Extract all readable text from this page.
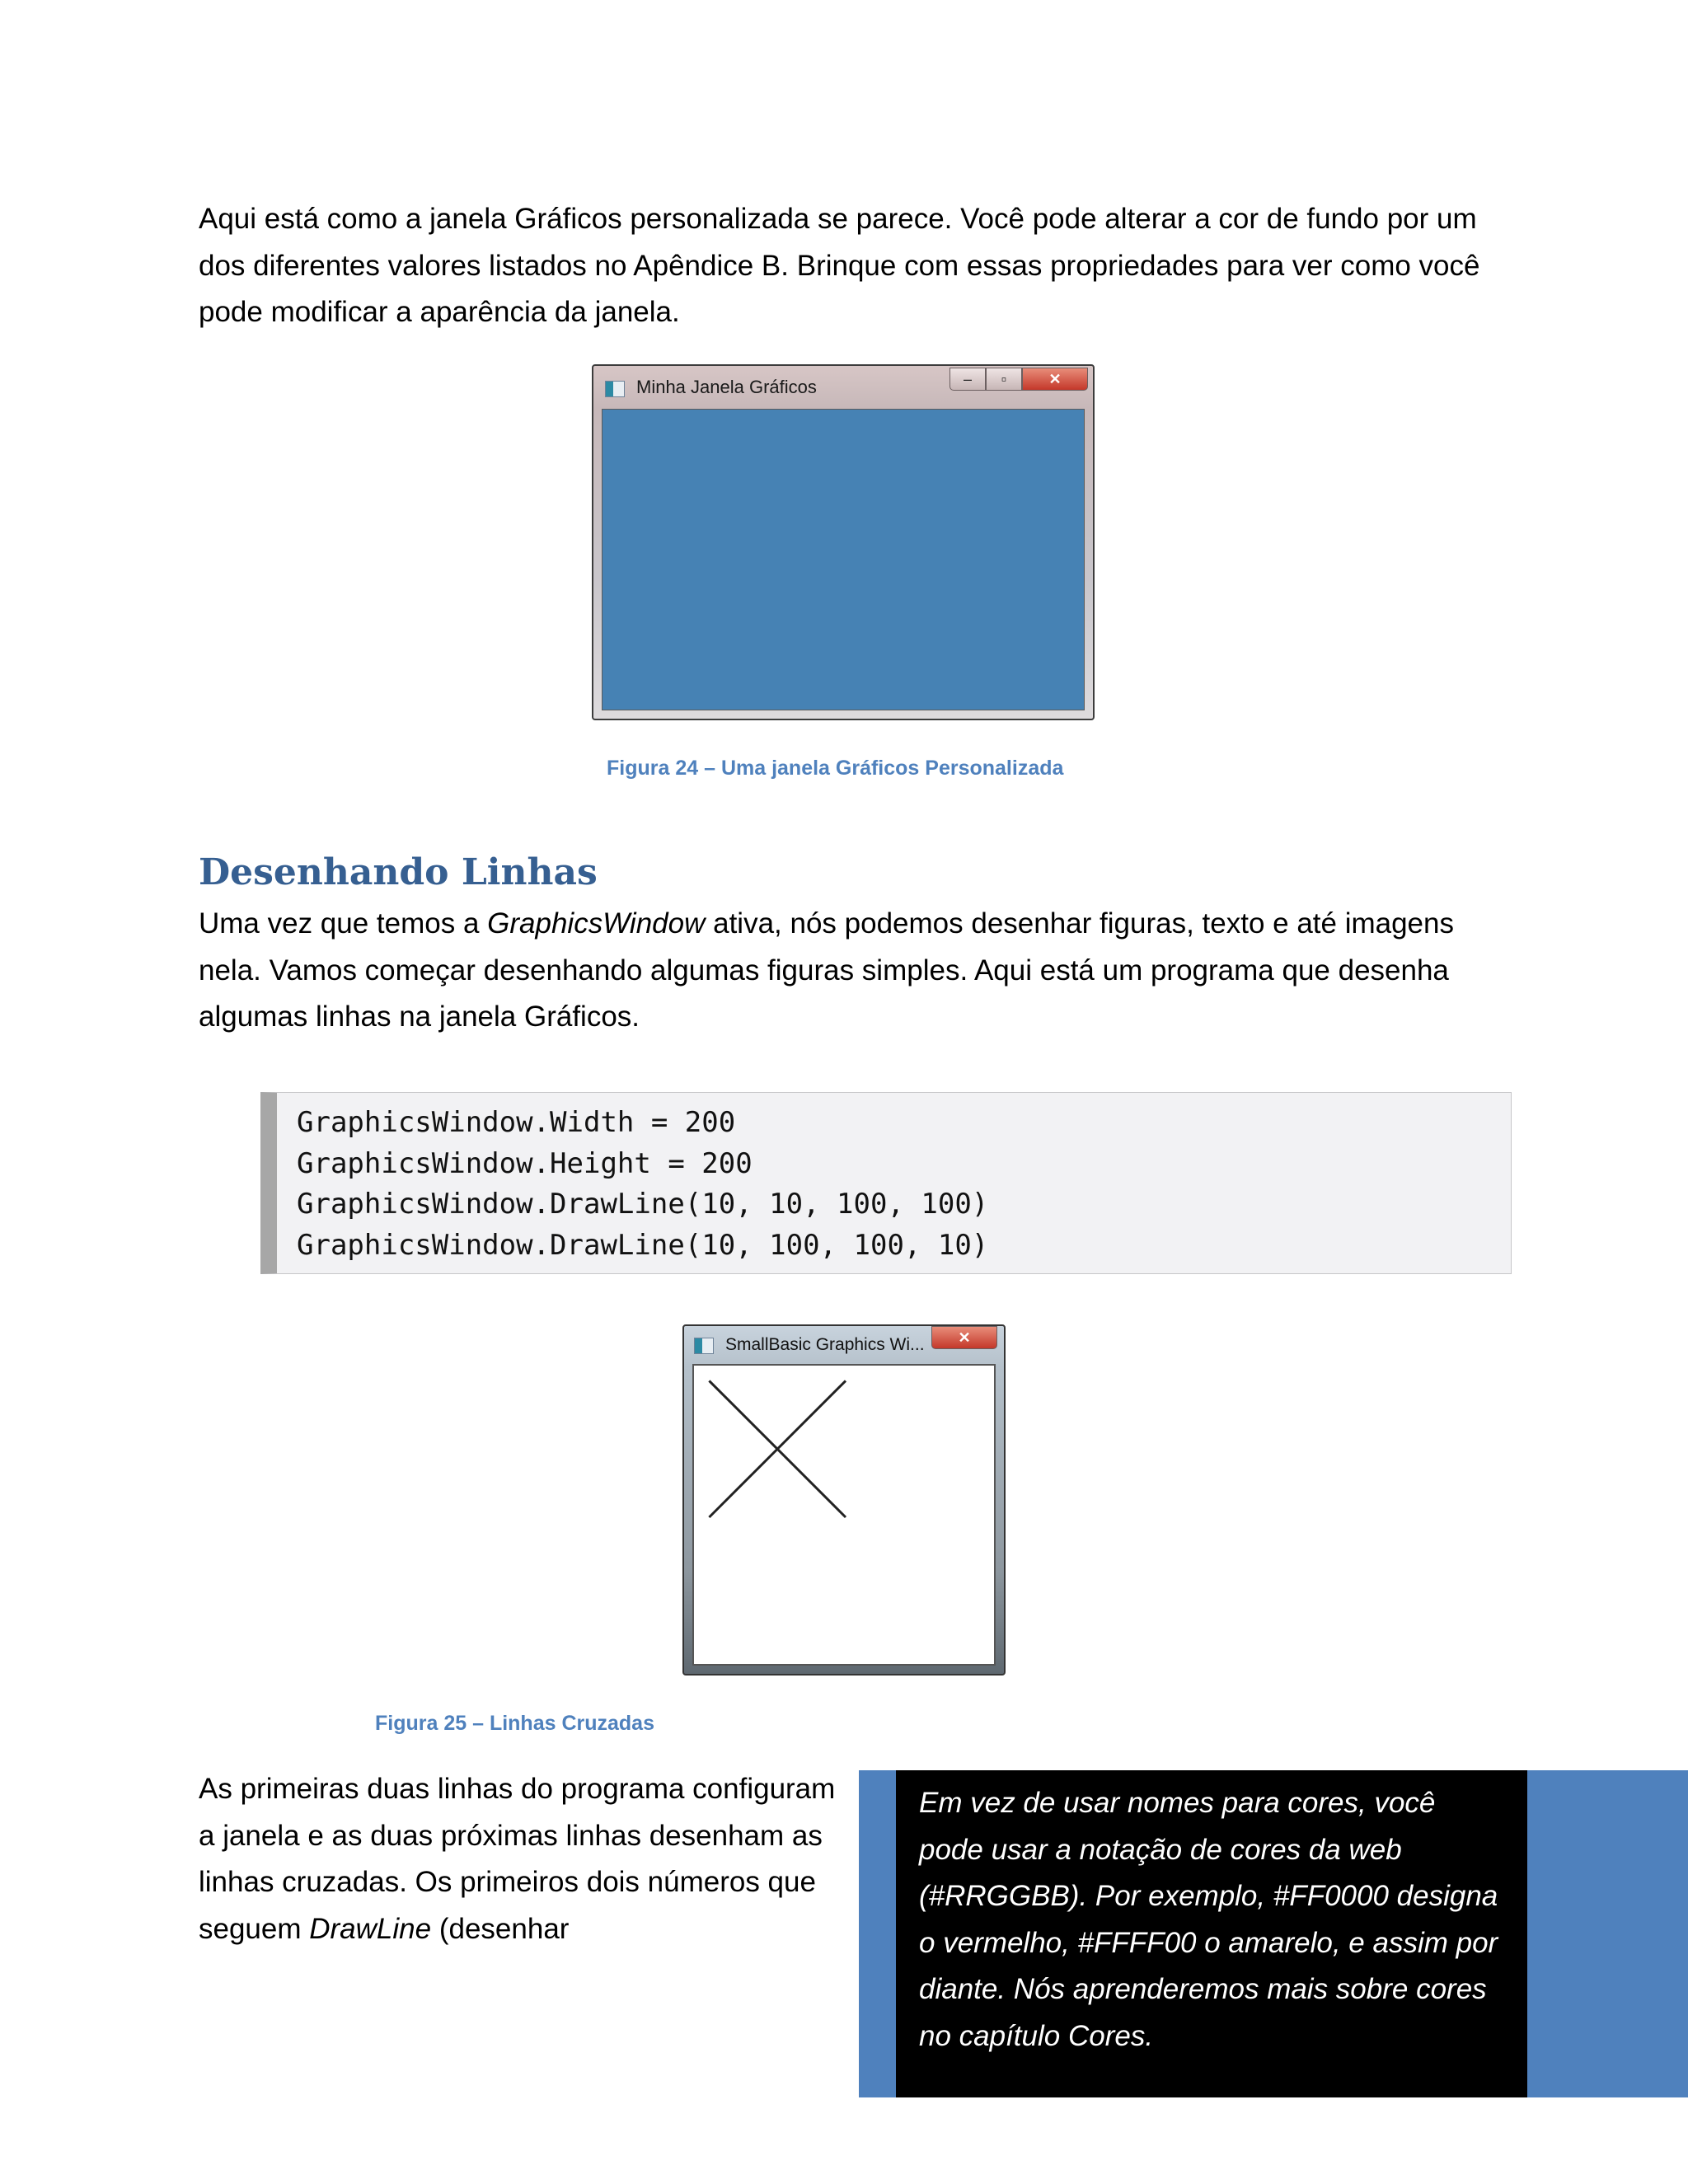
Aqui está como a janela Gráficos personalizada se parece. Você pode alterar a cor de fundo por um dos diferentes valores listados no Apêndice B. Brinque com essas propriedades para ver como você pode modificar a aparência da janela.

Minha Janela Gráficos	‒	▫	✕

Figura 24 – Uma janela Gráficos Personalizada

Desenhando Linhas

Uma vez que temos a GraphicsWindow ativa, nós podemos desenhar figuras, texto e até imagens nela. Vamos começar desenhando algumas figuras simples. Aqui está um programa que desenha algumas linhas na janela Gráficos.

GraphicsWindow.Width = 200
GraphicsWindow.Height = 200
GraphicsWindow.DrawLine(10, 10, 100, 100)
GraphicsWindow.DrawLine(10, 100, 100, 10)
SmallBasic Graphics Wi...	✕

Figura 25 – Linhas Cruzadas

As primeiras duas linhas do programa configuram a janela e as duas próximas linhas desenham as linhas cruzadas. Os primeiros dois números que seguem DrawLine (desenhar

Em vez de usar nomes para cores, você pode usar a notação de cores da web (#RRGGBB). Por exemplo, #FF0000 designa o vermelho, #FFFF00 o amarelo, e assim por diante. Nós aprenderemos mais sobre cores no capítulo Cores.
